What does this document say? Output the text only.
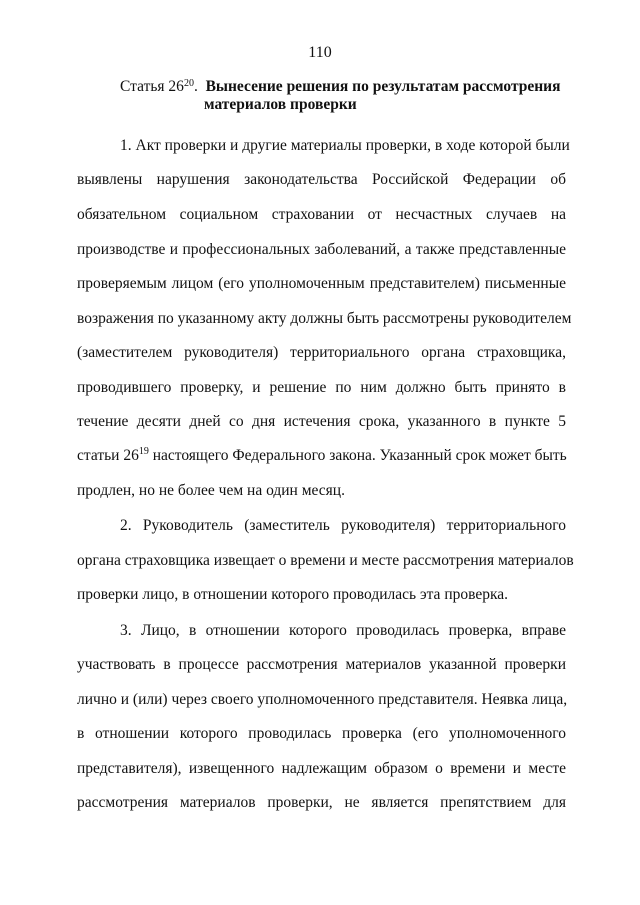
110
Статья $26^{20}$. Вынесение решения по результатам рассмотрения
материалов проверки
1. Акт проверки и другие материалы проверки, в ходе которой были
выявлены нарушения законодательства Российской Федерации об
обязательном социальном страховании от несчастных случаев на
производстве и профессиональных заболеваний, а также представленные
проверяемым лицом (его уполномоченным представителем) письменные
возражения по указанному акту должны быть рассмотрены руководителем
(заместителем руководителя) территориального органа страховщика,
проводившего проверку, и решение по ним должно быть принято в
течение десяти дней со дня истечения срока, указанного в пункте 5
статьи $26^{19}$ настоящего Федерального закона. Указанный срок может быть
продлен, но не более чем на один месяц.
2. Руководитель (заместитель руководителя) территориального
органа страховщика извещает о времени и месте рассмотрения материалов
проверки лицо, в отношении которого проводилась эта проверка.
3. Лицо, в отношении которого проводилась проверка, вправе
участвовать в процессе рассмотрения материалов указанной проверки
лично и (или) через своего уполномоченного представителя. Неявка лица,
в отношении которого проводилась проверка (его уполномоченного
представителя), извещенного надлежащим образом о времени и месте
рассмотрения материалов проверки, не является препятствием для
